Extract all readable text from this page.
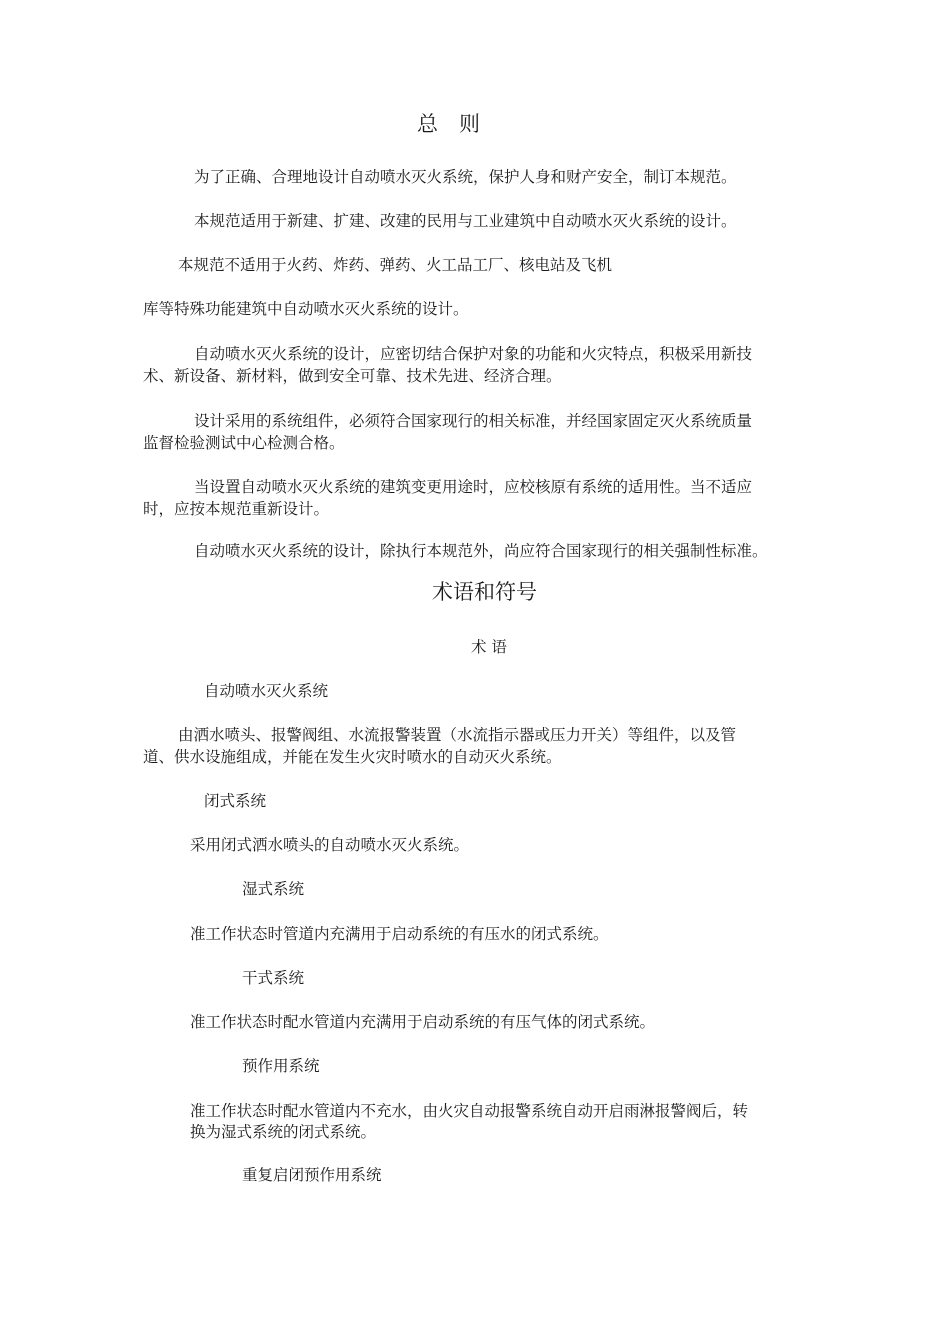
总　则

为了正确、合理地设计自动喷水灭火系统，保护人身和财产安全，制订本规范。

本规范适用于新建、扩建、改建的民用与工业建筑中自动喷水灭火系统的设计。

本规范不适用于火药、炸药、弹药、火工品工厂、核电站及飞机

库等特殊功能建筑中自动喷水灭火系统的设计。

自动喷水灭火系统的设计，应密切结合保护对象的功能和火灾特点，积极采用新技

术、新设备、新材料，做到安全可靠、技术先进、经济合理。

设计采用的系统组件，必须符合国家现行的相关标准，并经国家固定灭火系统质量

监督检验测试中心检测合格。

当设置自动喷水灭火系统的建筑变更用途时，应校核原有系统的适用性。当不适应

时，应按本规范重新设计。

自动喷水灭火系统的设计，除执行本规范外，尚应符合国家现行的相关强制性标准。

术语和符号

术 语

自动喷水灭火系统

由洒水喷头、报警阀组、水流报警装置（水流指示器或压力开关）等组件，以及管

道、供水设施组成，并能在发生火灾时喷水的自动灭火系统。

闭式系统

采用闭式洒水喷头的自动喷水灭火系统。

湿式系统

准工作状态时管道内充满用于启动系统的有压水的闭式系统。

干式系统

准工作状态时配水管道内充满用于启动系统的有压气体的闭式系统。

预作用系统

准工作状态时配水管道内不充水，由火灾自动报警系统自动开启雨淋报警阀后，转

换为湿式系统的闭式系统。

重复启闭预作用系统
